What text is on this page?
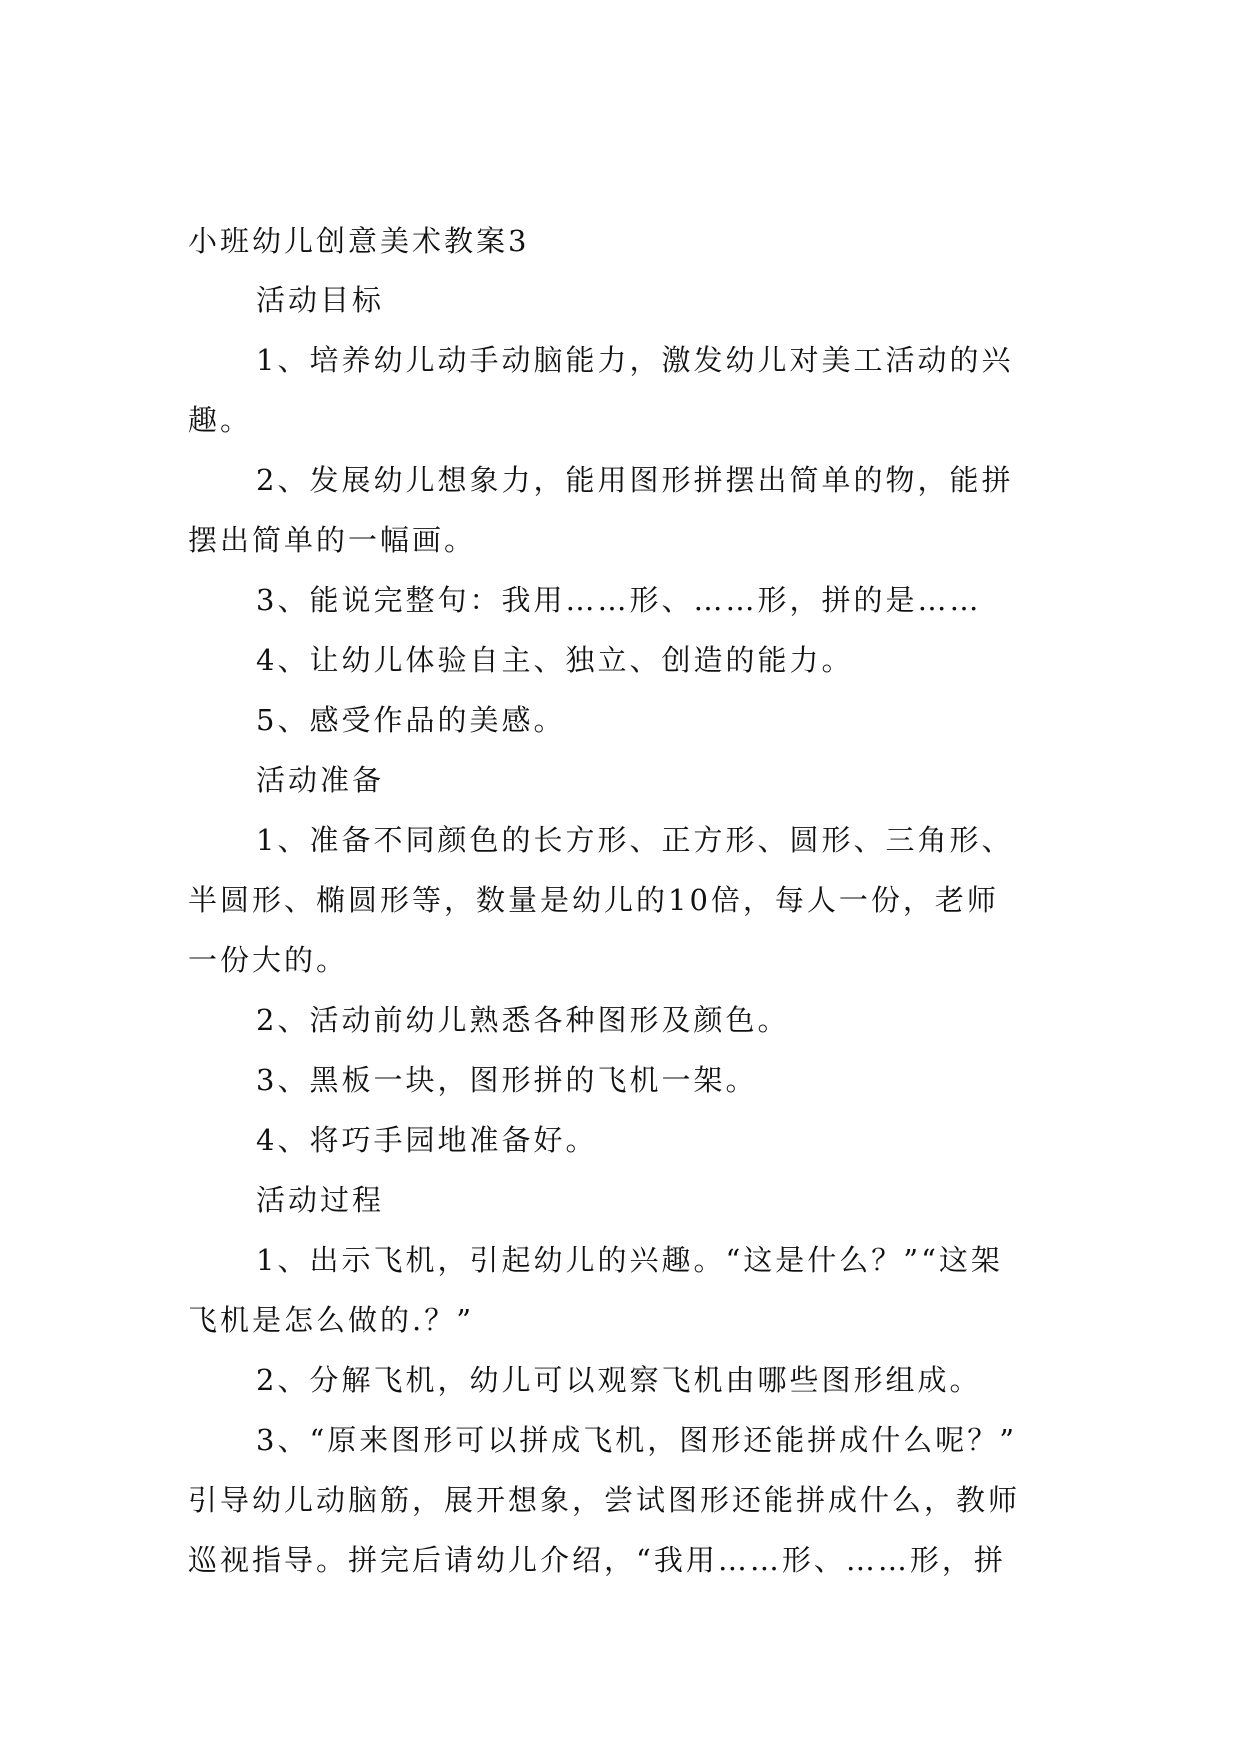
小班幼儿创意美术教案3
活动目标
1、培养幼儿动手动脑能力，激发幼儿对美工活动的兴
趣。
2、发展幼儿想象力，能用图形拼摆出简单的物，能拼
摆出简单的一幅画。
3、能说完整句：我用……形、……形，拼的是……
4、让幼儿体验自主、独立、创造的能力。
5、感受作品的美感。
活动准备
1、准备不同颜色的长方形、正方形、圆形、三角形、
半圆形、椭圆形等，数量是幼儿的10倍，每人一份，老师
一份大的。
2、活动前幼儿熟悉各种图形及颜色。
3、黑板一块，图形拼的飞机一架。
4、将巧手园地准备好。
活动过程
1、出示飞机，引起幼儿的兴趣。“这是什么？”“这架
飞机是怎么做的.？”
2、分解飞机，幼儿可以观察飞机由哪些图形组成。
3、“原来图形可以拼成飞机，图形还能拼成什么呢？”
引导幼儿动脑筋，展开想象，尝试图形还能拼成什么，教师
巡视指导。拼完后请幼儿介绍，“我用……形、……形，拼
